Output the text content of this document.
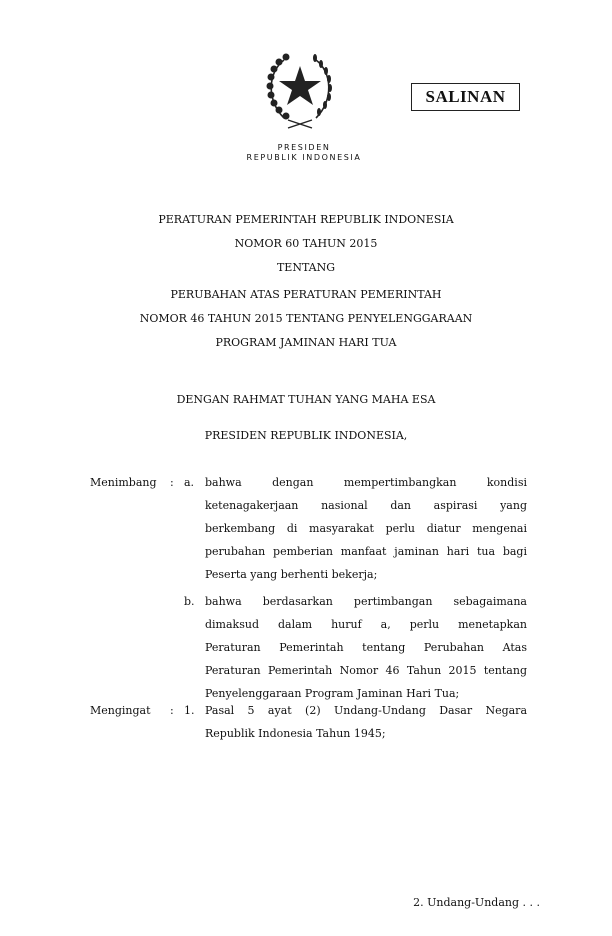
SALINAN
PRESIDEN
REPUBLIK INDONESIA
PERATURAN PEMERINTAH REPUBLIK INDONESIA
NOMOR 60 TAHUN 2015
TENTANG
PERUBAHAN ATAS PERATURAN PEMERINTAH
NOMOR 46 TAHUN 2015 TENTANG PENYELENGGARAAN
PROGRAM JAMINAN HARI TUA
DENGAN RAHMAT TUHAN YANG MAHA ESA
PRESIDEN REPUBLIK INDONESIA,
Menimbang : a. bahwa dengan mempertimbangkan kondisi
ketenagakerjaan nasional dan aspirasi yang
berkembang di masyarakat perlu diatur mengenai
perubahan pemberian manfaat jaminan hari tua bagi
Peserta yang berhenti bekerja;
b. bahwa berdasarkan pertimbangan sebagaimana
dimaksud dalam huruf a, perlu menetapkan
Peraturan Pemerintah tentang Perubahan Atas
Peraturan Pemerintah Nomor 46 Tahun 2015 tentang
Penyelenggaraan Program Jaminan Hari Tua;
Mengingat : 1. Pasal 5 ayat (2) Undang-Undang Dasar Negara
Republik Indonesia Tahun 1945;
2. Undang-Undang . . .
